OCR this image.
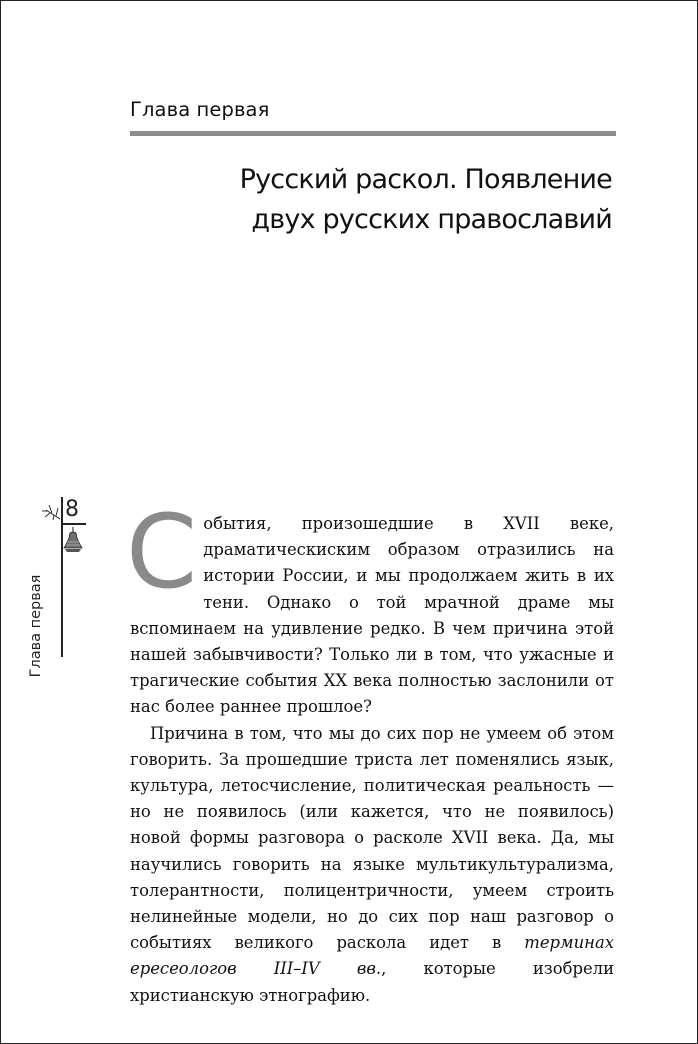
Глава первая
Русский раскол. Появление
двух русских православий
8
Глава первая

События, произошедшие в XVII веке, драматическиским образом отразились на истории России, и мы продолжаем жить в их тени. Однако о той мрачной драме мы вспоминаем на удивление редко. В чем причина этой нашей забывчивости? Только ли в том, что ужасные и трагические события XX века полностью заслонили от нас более раннее прошлое?

Причина в том, что мы до сих пор не умеем об этом говорить. За прошедшие триста лет поменялись язык, культура, летосчисление, политическая реальность — но не появилось (или кажется, что не появилось) новой формы разговора о расколе XVII века. Да, мы научились говорить на языке мультикультурализма, толерантности, полицентричности, умеем строить нелинейные модели, но до сих пор наш разговор о событиях великого раскола идет в терминах ересеологов III–IV вв., которые изобрели христианскую этнографию.
